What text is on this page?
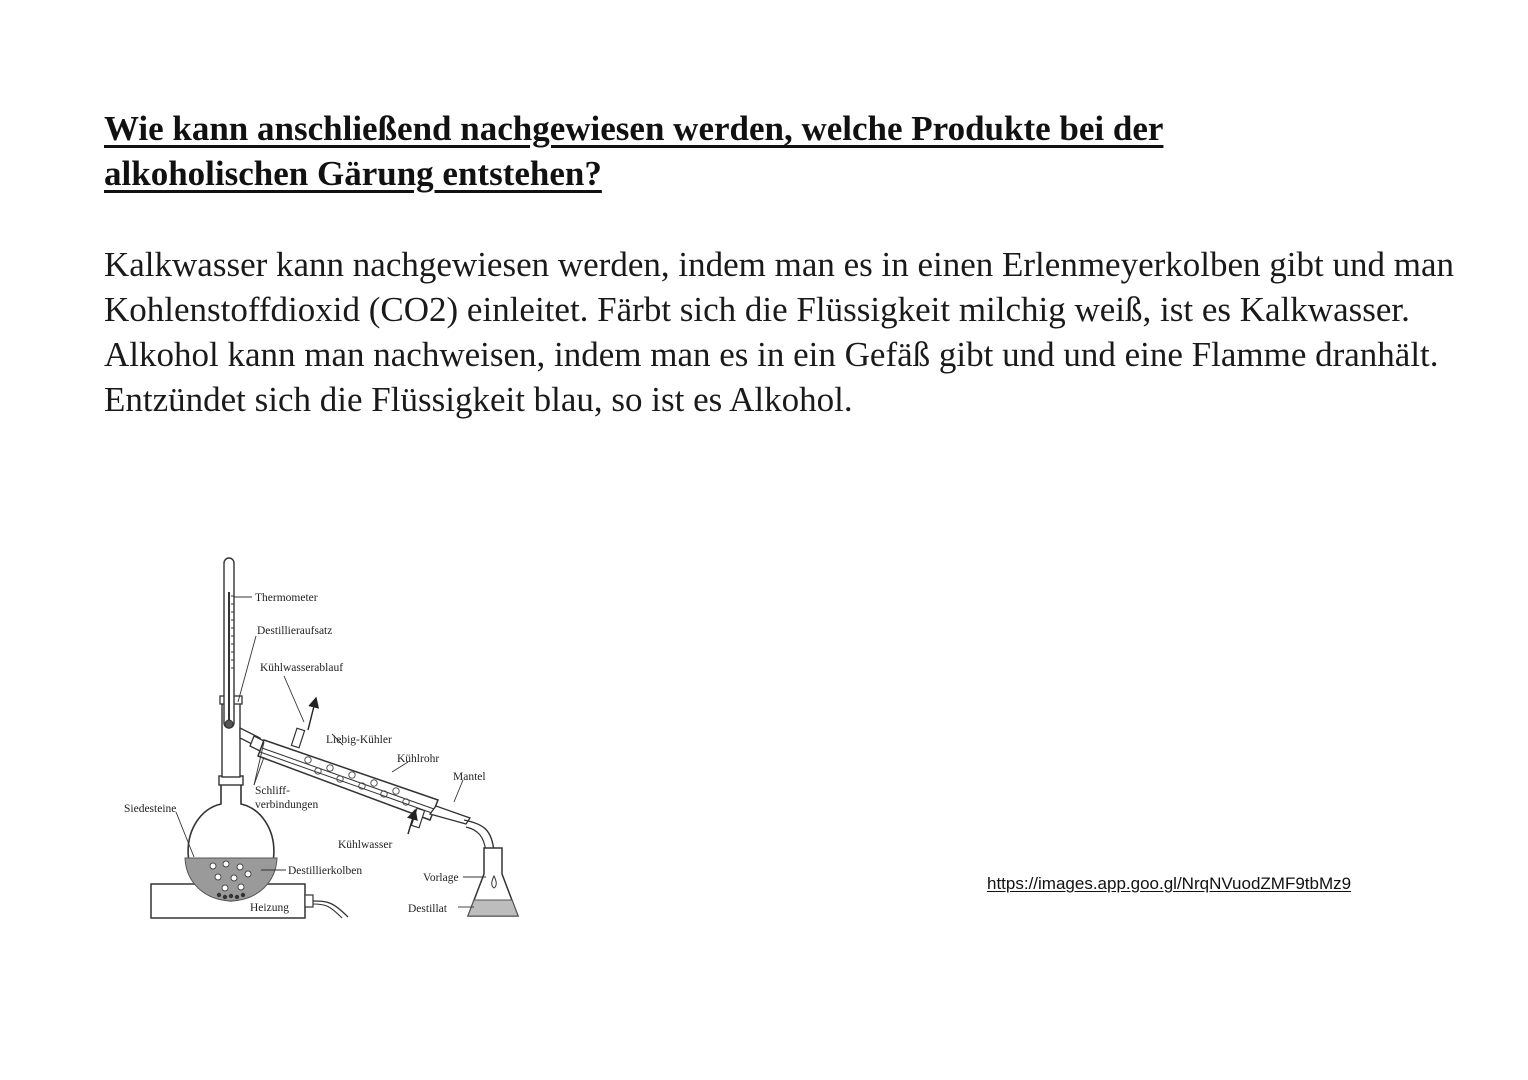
Wie kann anschließend nachgewiesen werden, welche Produkte bei der
alkoholischen Gärung entstehen?

Kalkwasser kann nachgewiesen werden, indem man es in einen Erlenmeyerkolben gibt und man Kohlenstoffdioxid (CO2) einleitet. Färbt sich die Flüssigkeit milchig weiß, ist es Kalkwasser.

Alkohol kann man nachweisen, indem man es in ein Gefäß gibt und und eine Flamme dranhält. Entzündet sich die Flüssigkeit blau, so ist es Alkohol.

Thermometer
Destillieraufsatz
Kühlwasserablauf
Liebig-Kühler
Kühlrohr
Mantel
Schliff-
verbindungen
Siedesteine
Kühlwasser
Destillierkolben
Vorlage
Heizung	Destillat
https://images.app.goo.gl/NrqNVuodZMF9tbMz9
